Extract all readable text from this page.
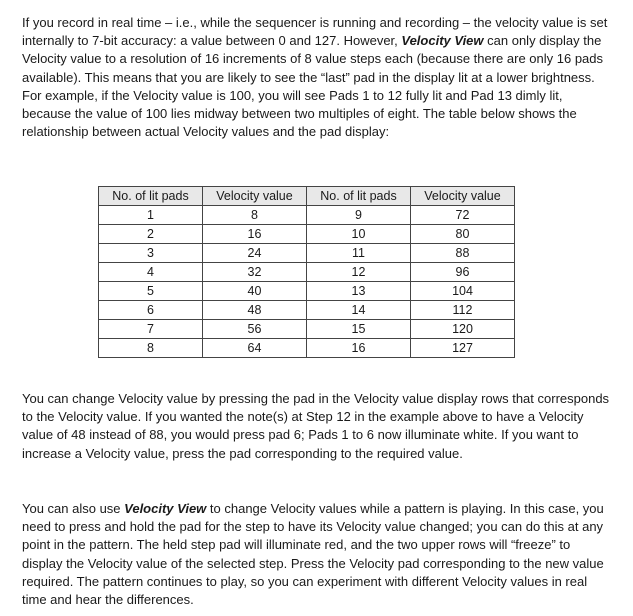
If you record in real time – i.e., while the sequencer is running and recording – the velocity value is set internally to 7-bit accuracy: a value between 0 and 127. However, Velocity View can only display the Velocity value to a resolution of 16 increments of 8 value steps each (because there are only 16 pads available). This means that you are likely to see the “last” pad in the display lit at a lower brightness. For example, if the Velocity value is 100, you will see Pads 1 to 12 fully lit and Pad 13 dimly lit, because the value of 100 lies midway between two multiples of eight. The table below shows the relationship between actual Velocity values and the pad display:

No. of lit pads	Velocity value	No. of lit pads	Velocity value
1	8	9	72
2	16	10	80
3	24	11	88
4	32	12	96
5	40	13	104
6	48	14	112
7	56	15	120
8	64	16	127

You can change Velocity value by pressing the pad in the Velocity value display rows that corresponds to the Velocity value. If you wanted the note(s) at Step 12 in the example above to have a Velocity value of 48 instead of 88, you would press pad 6; Pads 1 to 6 now illuminate white. If you want to increase a Velocity value, press the pad corresponding to the required value.

You can also use Velocity View to change Velocity values while a pattern is playing. In this case, you need to press and hold the pad for the step to have its Velocity value changed; you can do this at any point in the pattern. The held step pad will illuminate red, and the two upper rows will “freeze” to display the Velocity value of the selected step. Press the Velocity pad corresponding to the new value required. The pattern continues to play, so you can experiment with different Velocity values in real time and hear the differences.
